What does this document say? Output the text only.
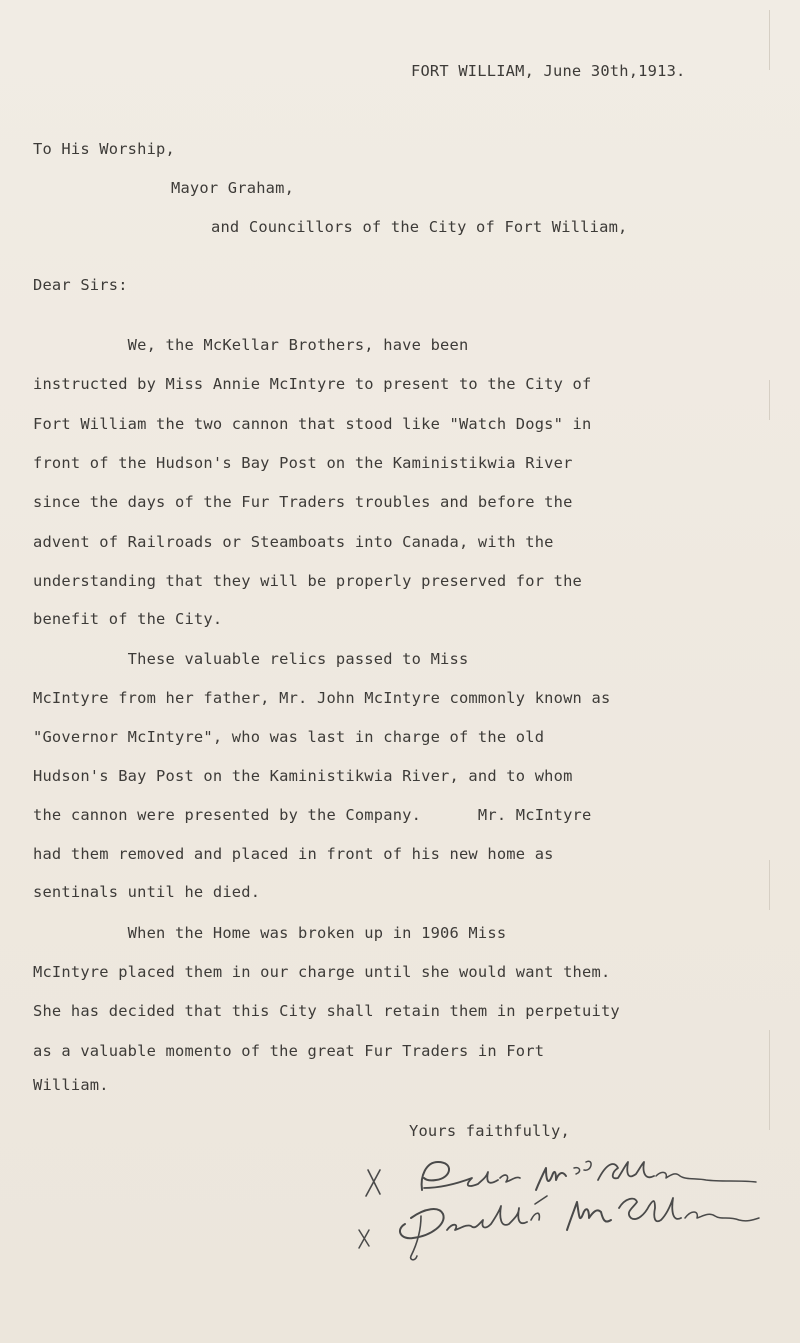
FORT WILLIAM, June 30th,1913.
To His Worship,
Mayor Graham,
and Councillors of the City of Fort William,
Dear Sirs:
We, the McKellar Brothers, have been
instructed by Miss Annie McIntyre to present to the City of
Fort William the two cannon that stood like "Watch Dogs" in
front of the Hudson's Bay Post on the Kaministikwia River
since the days of the Fur Traders troubles and before the
advent of Railroads or Steamboats into Canada, with the
understanding that they will be properly preserved for the
benefit of the City.
These valuable relics passed to Miss
McIntyre from her father, Mr. John McIntyre commonly known as
"Governor McIntyre", who was last in charge of the old
Hudson's Bay Post on the Kaministikwia River, and to whom
the cannon were presented by the Company.      Mr. McIntyre
had them removed and placed in front of his new home as
sentinals until he died.
When the Home was broken up in 1906 Miss
McIntyre placed them in our charge until she would want them.
She has decided that this City shall retain them in perpetuity
as a valuable momento of the great Fur Traders in Fort
William.
Yours faithfully,
